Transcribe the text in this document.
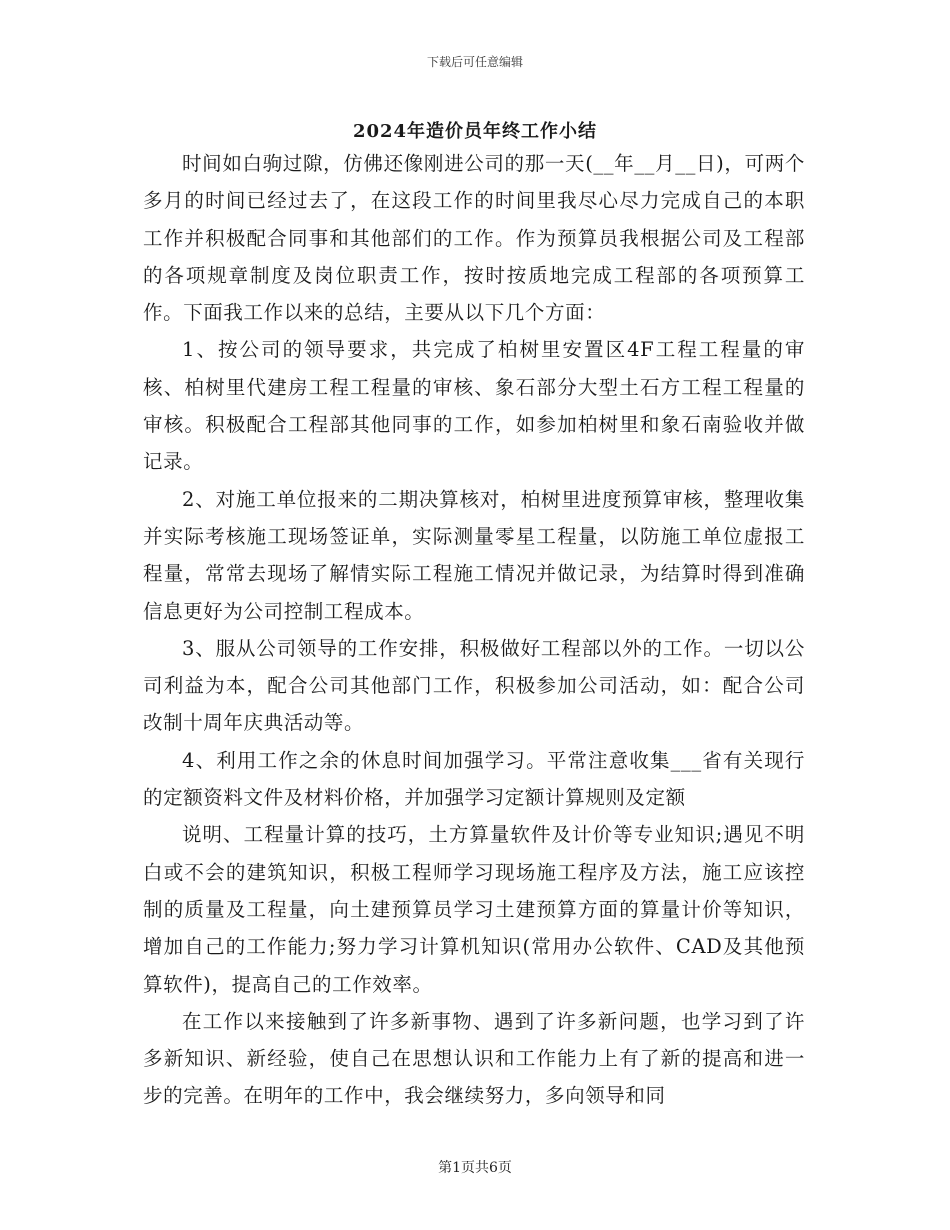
下载后可任意编辑
2024年造价员年终工作小结

时间如白驹过隙，仿佛还像刚进公司的那一天(__年__月__日)，可两个多月的时间已经过去了，在这段工作的时间里我尽心尽力完成自己的本职工作并积极配合同事和其他部们的工作。作为预算员我根据公司及工程部的各项规章制度及岗位职责工作，按时按质地完成工程部的各项预算工作。下面我工作以来的总结，主要从以下几个方面：

1、按公司的领导要求，共完成了柏树里安置区4F工程工程量的审核、柏树里代建房工程工程量的审核、象石部分大型土石方工程工程量的审核。积极配合工程部其他同事的工作，如参加柏树里和象石南验收并做记录。

2、对施工单位报来的二期决算核对，柏树里进度预算审核，整理收集并实际考核施工现场签证单，实际测量零星工程量，以防施工单位虚报工程量，常常去现场了解情实际工程施工情况并做记录，为结算时得到准确信息更好为公司控制工程成本。

3、服从公司领导的工作安排，积极做好工程部以外的工作。一切以公司利益为本，配合公司其他部门工作，积极参加公司活动，如：配合公司改制十周年庆典活动等。

4、利用工作之余的休息时间加强学习。平常注意收集___省有关现行的定额资料文件及材料价格，并加强学习定额计算规则及定额

说明、工程量计算的技巧，土方算量软件及计价等专业知识;遇见不明白或不会的建筑知识，积极工程师学习现场施工程序及方法，施工应该控制的质量及工程量，向土建预算员学习土建预算方面的算量计价等知识，增加自己的工作能力;努力学习计算机知识(常用办公软件、CAD及其他预算软件)，提高自己的工作效率。

在工作以来接触到了许多新事物、遇到了许多新问题，也学习到了许多新知识、新经验，使自己在思想认识和工作能力上有了新的提高和进一步的完善。在明年的工作中，我会继续努力，多向领导和同

第1页共6页
